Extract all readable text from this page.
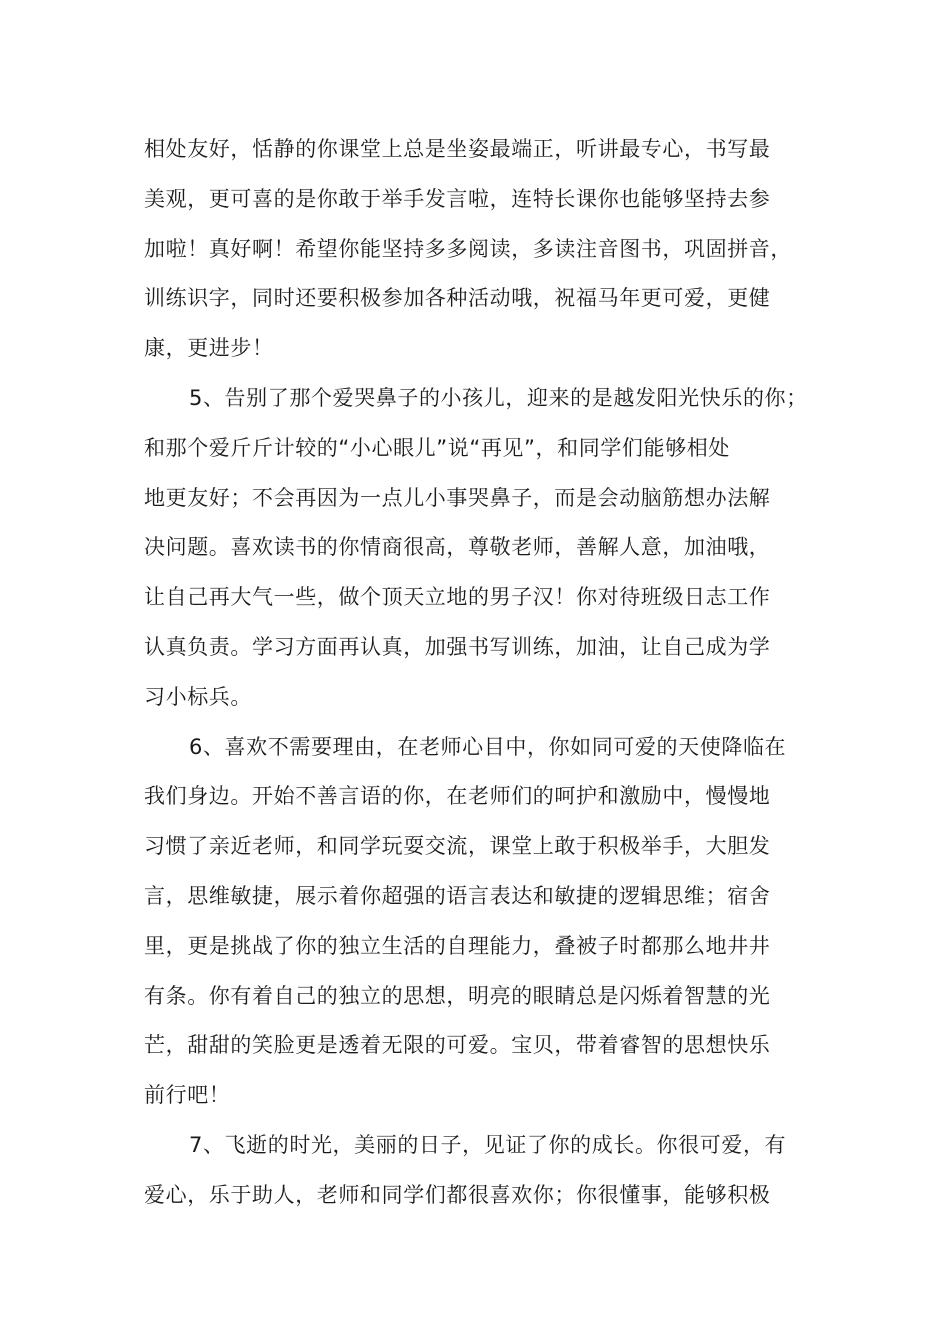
相处友好，恬静的你课堂上总是坐姿最端正，听讲最专心，书写最
美观，更可喜的是你敢于举手发言啦，连特长课你也能够坚持去参
加啦！真好啊！希望你能坚持多多阅读，多读注音图书，巩固拼音，
训练识字，同时还要积极参加各种活动哦，祝福马年更可爱，更健
康，更进步！
5、告别了那个爱哭鼻子的小孩儿，迎来的是越发阳光快乐的你；
和那个爱斤斤计较的“小心眼儿”说“再见”，和同学们能够相处
地更友好；不会再因为一点儿小事哭鼻子，而是会动脑筋想办法解
决问题。喜欢读书的你情商很高，尊敬老师，善解人意，加油哦，
让自己再大气一些，做个顶天立地的男子汉！你对待班级日志工作
认真负责。学习方面再认真，加强书写训练，加油，让自己成为学
习小标兵。
6、喜欢不需要理由，在老师心目中，你如同可爱的天使降临在
我们身边。开始不善言语的你，在老师们的呵护和激励中，慢慢地
习惯了亲近老师，和同学玩耍交流，课堂上敢于积极举手，大胆发
言，思维敏捷，展示着你超强的语言表达和敏捷的逻辑思维；宿舍
里，更是挑战了你的独立生活的自理能力，叠被子时都那么地井井
有条。你有着自己的独立的思想，明亮的眼睛总是闪烁着智慧的光
芒，甜甜的笑脸更是透着无限的可爱。宝贝，带着睿智的思想快乐
前行吧！
7、飞逝的时光，美丽的日子，见证了你的成长。你很可爱，有
爱心，乐于助人，老师和同学们都很喜欢你；你很懂事，能够积极
